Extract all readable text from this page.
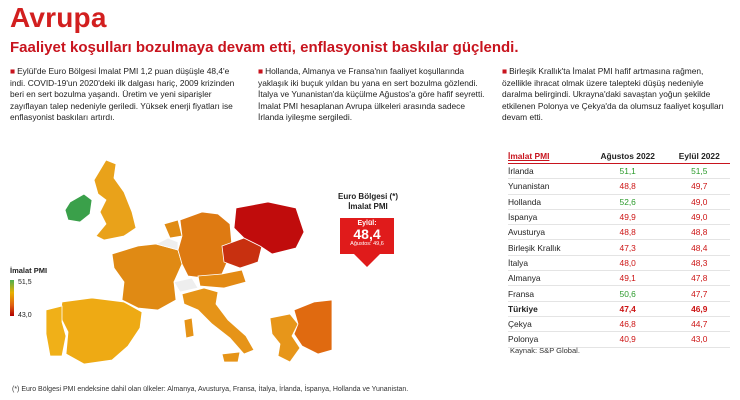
Avrupa
Faaliyet koşulları bozulmaya devam etti, enflasyonist baskılar güçlendi.
■ Eylül'de Euro Bölgesi İmalat PMI 1,2 puan düşüşle 48,4'e indi. COVID-19'un 2020'deki ilk dalgası hariç, 2009 krizinden beri en sert bozulma yaşandı. Üretim ve yeni siparişler zayıflayan talep nedeniyle geriledi. Yüksek enerji fiyatları ise enflasyonist baskıları artırdı.
■ Hollanda, Almanya ve Fransa'nın faaliyet koşullarında yaklaşık iki buçuk yıldan bu yana en sert bozulma gözlendi. İtalya ve Yunanistan'da küçülme Ağustos'a göre hafif seyretti. İmalat PMI hesaplanan Avrupa ülkeleri arasında sadece İrlanda iyileşme sergiledi.
■ Birleşik Krallık'ta İmalat PMI hafif artmasına rağmen, özellikle ihracat olmak üzere talepteki düşüş nedeniyle daralma belirgindi. Ukrayna'daki savaştan yoğun şekilde etkilenen Polonya ve Çekya'da da olumsuz faaliyet koşulları devam etti.
İmalat PMI
51,5
43,0
Euro Bölgesi (*) İmalat PMI
Eylül:
48,4
Ağustos: 49,6
İmalat PMI	Ağustos 2022	Eylül 2022
İrlanda	51,1	51,5
Yunanistan	48,8	49,7
Hollanda	52,6	49,0
İspanya	49,9	49,0
Avusturya	48,8	48,8
Birleşik Krallık	47,3	48,4
İtalya	48,0	48,3
Almanya	49,1	47,8
Fransa	50,6	47,7
Türkiye	47,4	46,9
Çekya	46,8	44,7
Polonya	40,9	43,0
Kaynak: S&P Global.
(*) Euro Bölgesi PMI endeksine dahil olan ülkeler: Almanya, Avusturya, Fransa, İtalya, İrlanda, İspanya, Hollanda ve Yunanistan.
